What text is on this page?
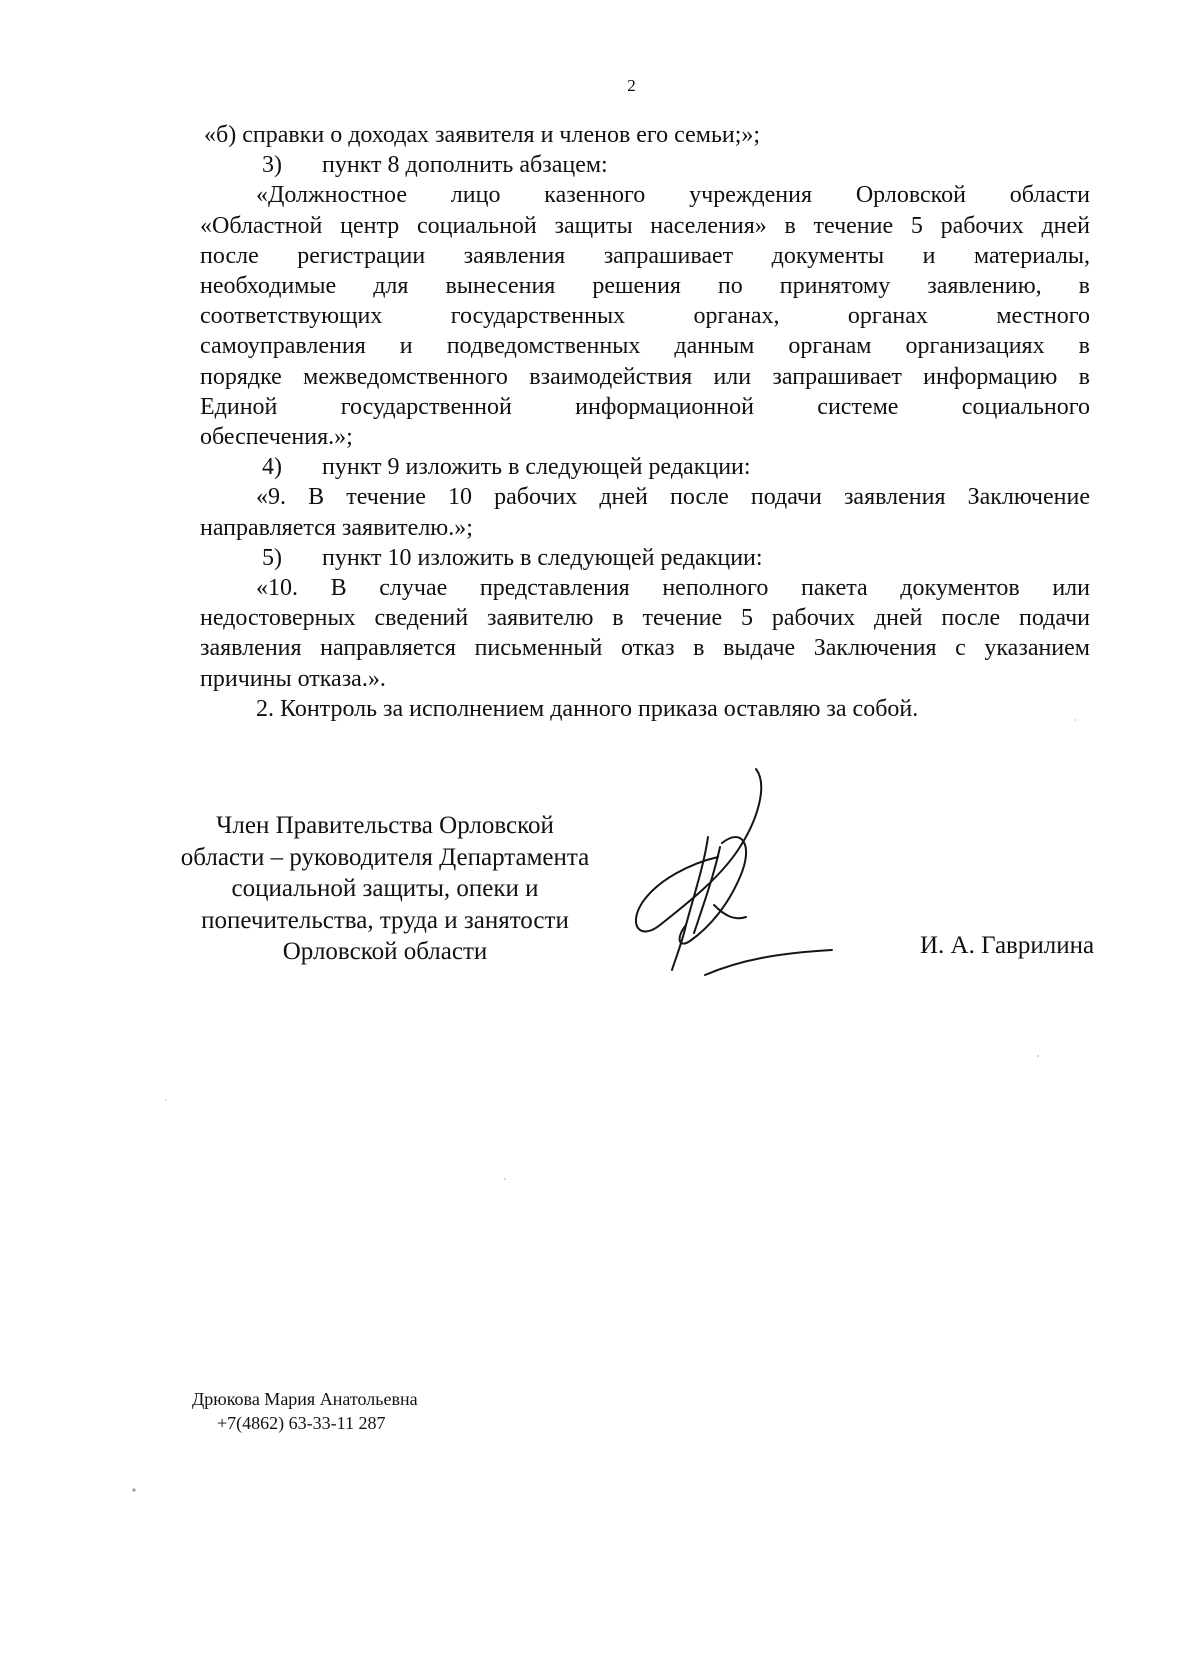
2
«б) справки о доходах заявителя и членов его семьи;»;
3) пункт 8 дополнить абзацем:
«Должностное лицо казенного учреждения Орловской области
«Областной центр социальной защиты населения» в течение 5 рабочих дней
после регистрации заявления запрашивает документы и материалы,
необходимые для вынесения решения по принятому заявлению, в
соответствующих государственных органах, органах местного
самоуправления и подведомственных данным органам организациях в
порядке межведомственного взаимодействия или запрашивает информацию в
Единой государственной информационной системе социального
обеспечения.»;
4) пункт 9 изложить в следующей редакции:
«9. В течение 10 рабочих дней после подачи заявления Заключение
направляется заявителю.»;
5) пункт 10 изложить в следующей редакции:
«10. В случае представления неполного пакета документов или
недостоверных сведений заявителю в течение 5 рабочих дней после подачи
заявления направляется письменный отказ в выдаче Заключения с указанием
причины отказа.».
2. Контроль за исполнением данного приказа оставляю за собой.
Член Правительства Орловской
области – руководителя Департамента
социальной защиты, опеки и
попечительства, труда и занятости
Орловской области	И. А. Гаврилина
Дрюкова Мария Анатольевна
+7(4862) 63-33-11 287
